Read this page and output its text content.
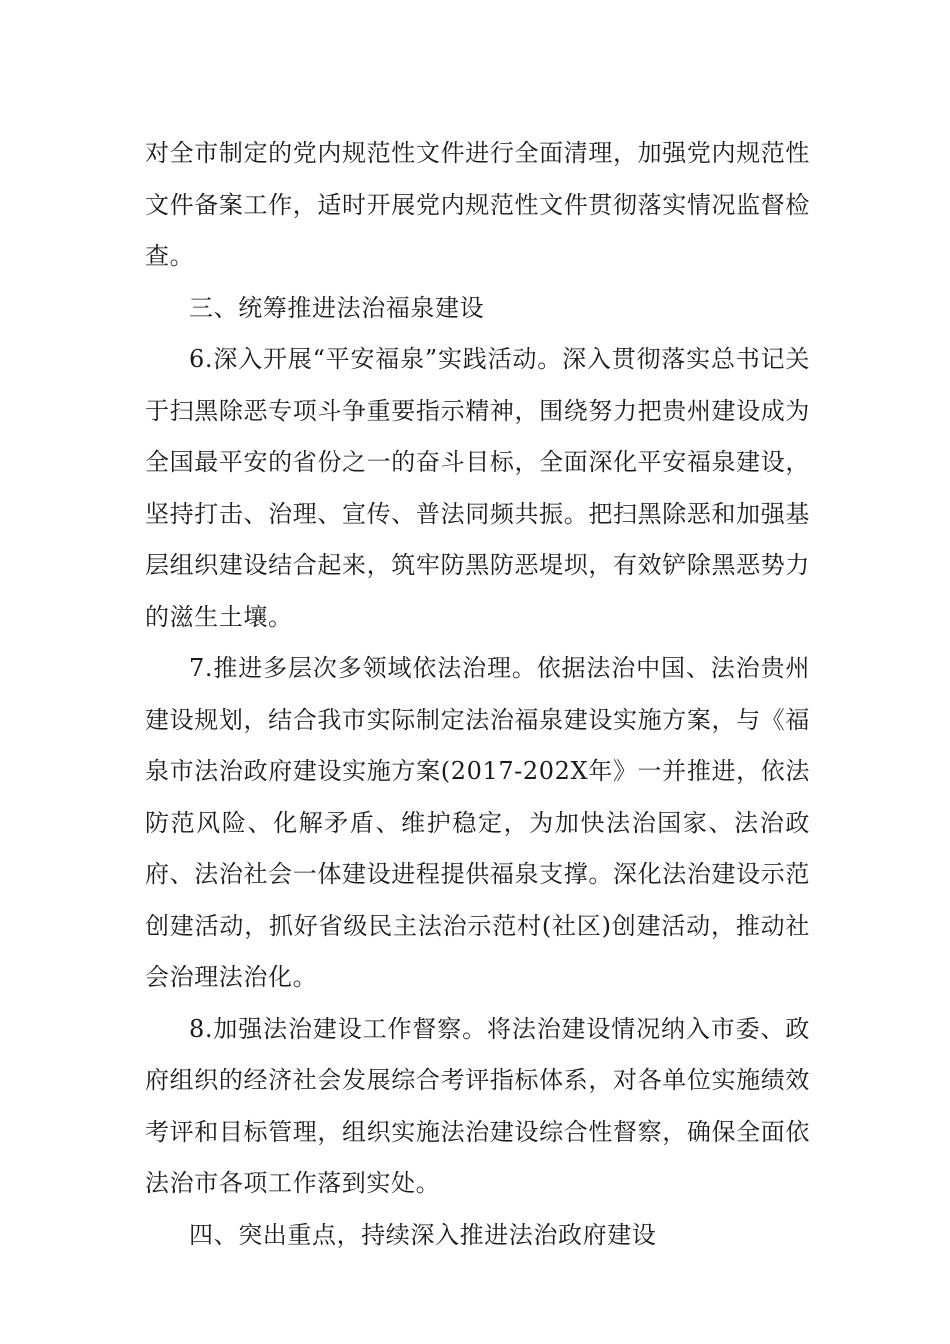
对全市制定的党内规范性文件进行全面清理，加强党内规范性文件备案工作，适时开展党内规范性文件贯彻落实情况监督检查。

三、统筹推进法治福泉建设

6.深入开展“平安福泉”实践活动。深入贯彻落实总书记关于扫黑除恶专项斗争重要指示精神，围绕努力把贵州建设成为全国最平安的省份之一的奋斗目标，全面深化平安福泉建设，坚持打击、治理、宣传、普法同频共振。把扫黑除恶和加强基层组织建设结合起来，筑牢防黑防恶堤坝，有效铲除黑恶势力的滋生土壤。

7.推进多层次多领域依法治理。依据法治中国、法治贵州建设规划，结合我市实际制定法治福泉建设实施方案，与《福泉市法治政府建设实施方案(2017-202X年》一并推进，依法防范风险、化解矛盾、维护稳定，为加快法治国家、法治政府、法治社会一体建设进程提供福泉支撑。深化法治建设示范创建活动，抓好省级民主法治示范村(社区)创建活动，推动社会治理法治化。

8.加强法治建设工作督察。将法治建设情况纳入市委、政府组织的经济社会发展综合考评指标体系，对各单位实施绩效考评和目标管理，组织实施法治建设综合性督察，确保全面依法治市各项工作落到实处。

四、突出重点，持续深入推进法治政府建设
